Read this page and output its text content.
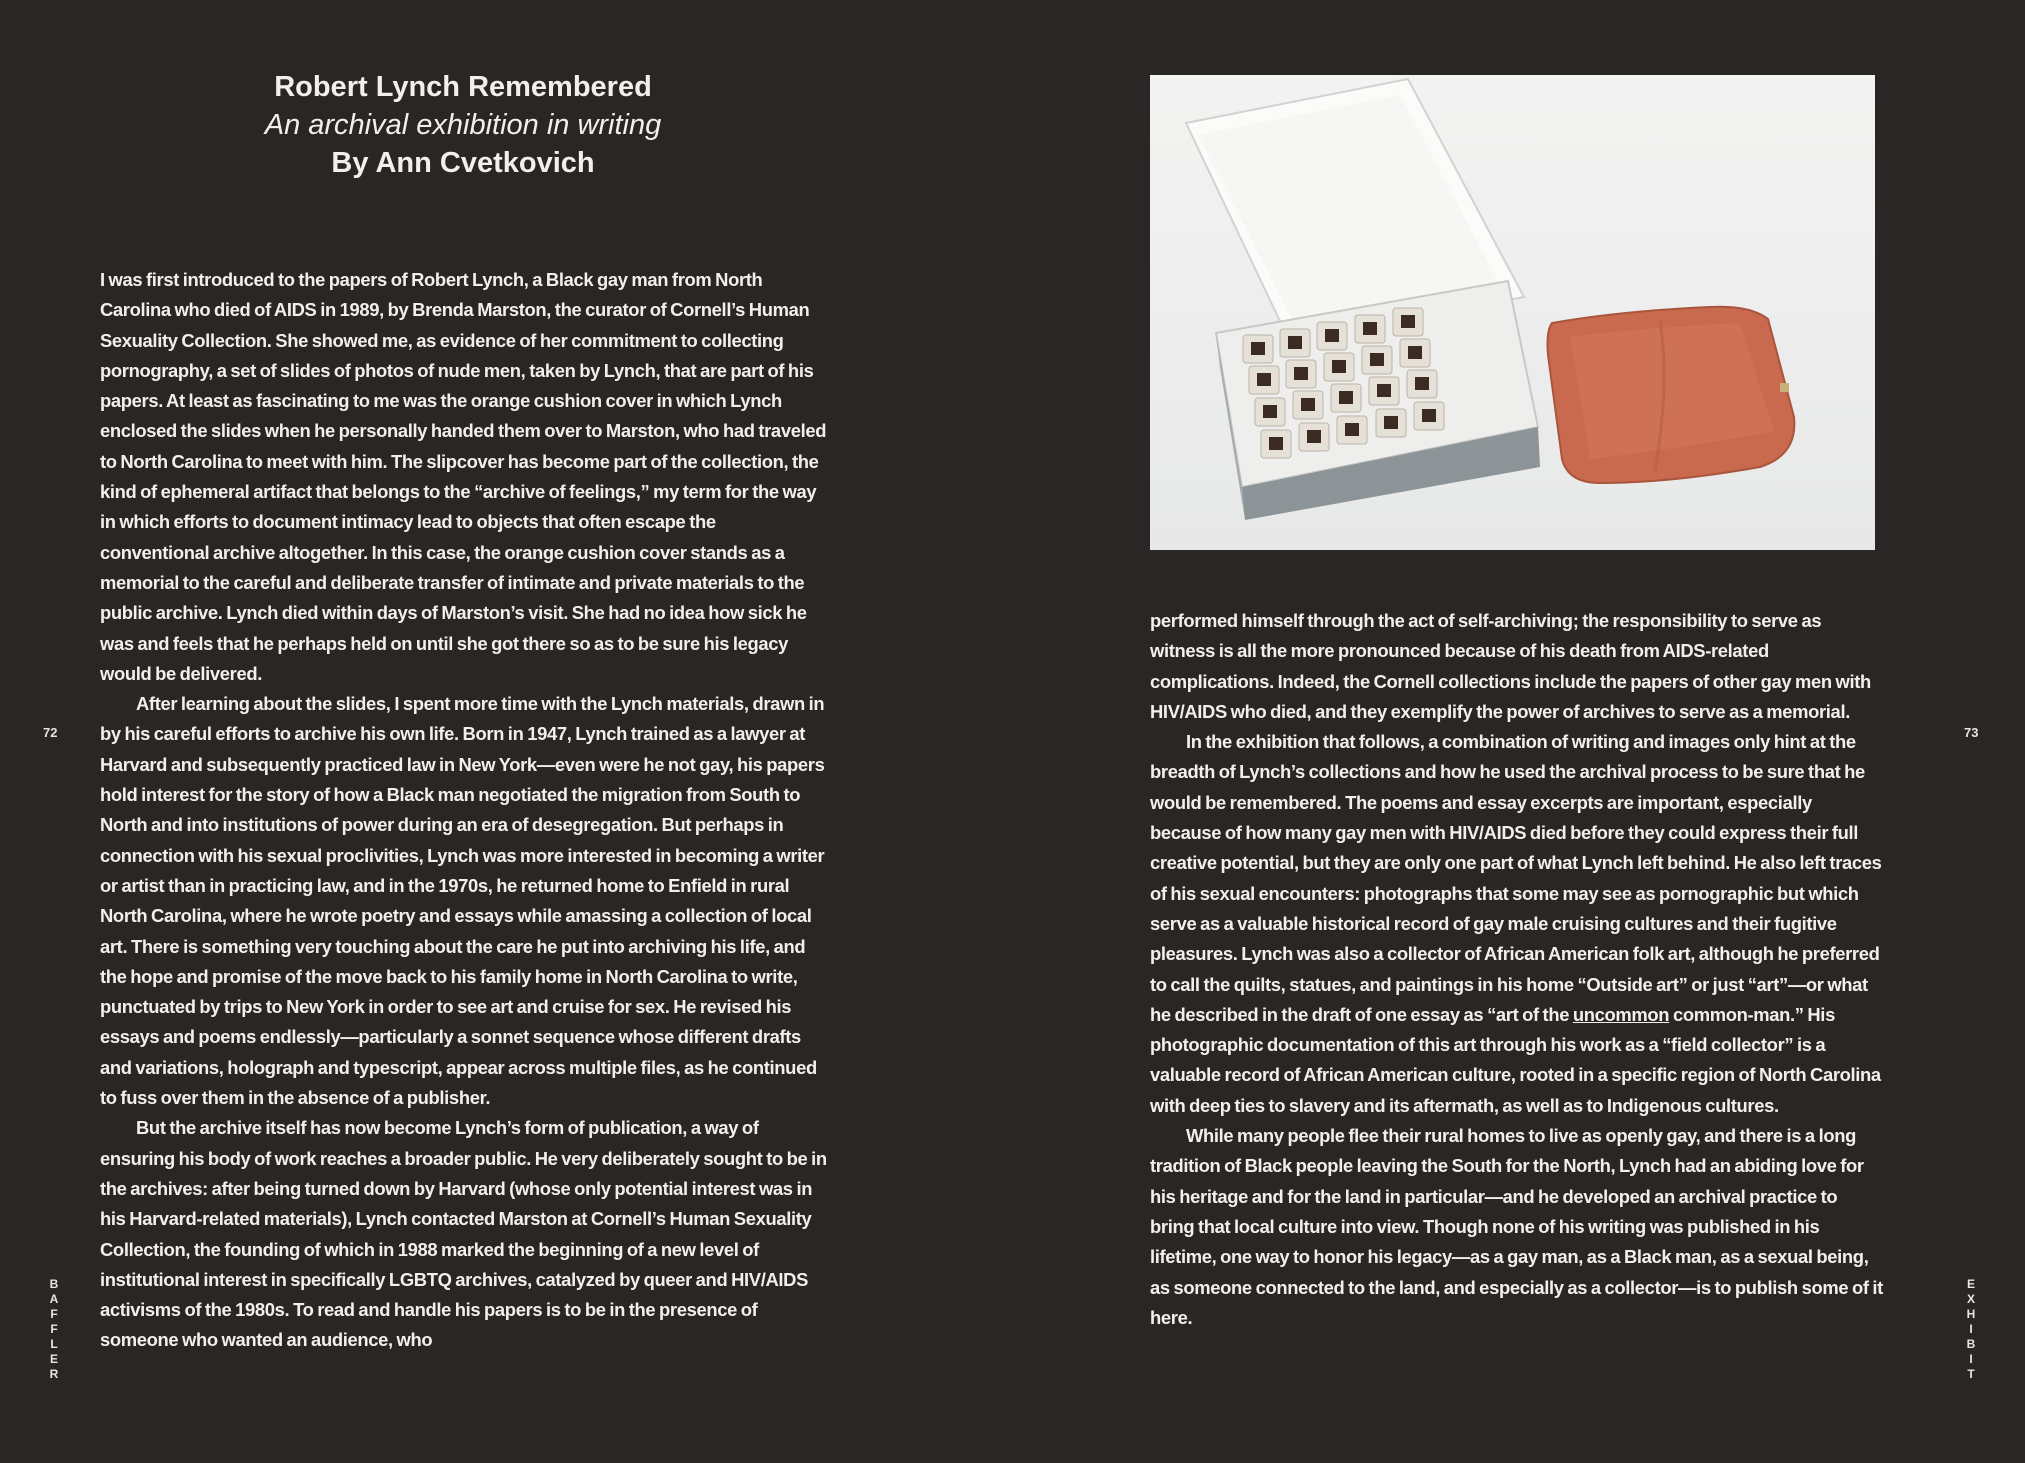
Robert Lynch Remembered
An archival exhibition in writing
By Ann Cvetkovich

I was first introduced to the papers of Robert Lynch, a Black gay man from North Carolina who died of AIDS in 1989, by Brenda Marston, the curator of Cornell’s Human Sexuality Collection. She showed me, as evidence of her commitment to collecting pornography, a set of slides of photos of nude men, taken by Lynch, that are part of his papers. At least as fascinating to me was the orange cushion cover in which Lynch enclosed the slides when he personally handed them over to Marston, who had traveled to North Carolina to meet with him. The slipcover has become part of the collection, the kind of ephemeral artifact that belongs to the “archive of feelings,” my term for the way in which efforts to document intimacy lead to objects that often escape the conventional archive altogether. In this case, the orange cushion cover stands as a memorial to the careful and deliberate transfer of intimate and private materials to the public archive. Lynch died within days of Marston’s visit. She had no idea how sick he was and feels that he perhaps held on until she got there so as to be sure his legacy would be delivered.

After learning about the slides, I spent more time with the Lynch materials, drawn in by his careful efforts to archive his own life. Born in 1947, Lynch trained as a lawyer at Harvard and subsequently practiced law in New York—even were he not gay, his papers hold interest for the story of how a Black man negotiated the migration from South to North and into institutions of power during an era of desegregation. But perhaps in connection with his sexual proclivities, Lynch was more interested in becoming a writer or artist than in practicing law, and in the 1970s, he returned home to Enfield in rural North Carolina, where he wrote poetry and essays while amassing a collection of local art. There is something very touching about the care he put into archiving his life, and the hope and promise of the move back to his family home in North Carolina to write, punctuated by trips to New York in order to see art and cruise for sex. He revised his essays and poems endlessly—particularly a sonnet sequence whose different drafts and variations, holograph and typescript, appear across multiple files, as he continued to fuss over them in the absence of a publisher.

But the archive itself has now become Lynch’s form of publication, a way of ensuring his body of work reaches a broader public. He very deliberately sought to be in the archives: after being turned down by Harvard (whose only potential interest was in his Harvard-related materials), Lynch contacted Marston at Cornell’s Human Sexuality Collection, the founding of which in 1988 marked the beginning of a new level of institutional interest in specifically LGBTQ archives, catalyzed by queer and HIV/AIDS activisms of the 1980s. To read and handle his papers is to be in the presence of someone who wanted an audience, who

72
B
A
F
F
L
E
R

performed himself through the act of self-archiving; the responsibility to serve as witness is all the more pronounced because of his death from AIDS-related complications. Indeed, the Cornell collections include the papers of other gay men with HIV/AIDS who died, and they exemplify the power of archives to serve as a memorial.

In the exhibition that follows, a combination of writing and images only hint at the breadth of Lynch’s collections and how he used the archival process to be sure that he would be remembered. The poems and essay excerpts are important, especially because of how many gay men with HIV/AIDS died before they could express their full creative potential, but they are only one part of what Lynch left behind. He also left traces of his sexual encounters: photographs that some may see as pornographic but which serve as a valuable historical record of gay male cruising cultures and their fugitive pleasures. Lynch was also a collector of African American folk art, although he preferred to call the quilts, statues, and paintings in his home “Outside art” or just “art”—or what he described in the draft of one essay as “art of the uncommon common-man.” His photographic documentation of this art through his work as a “field collector” is a valuable record of African American culture, rooted in a specific region of North Carolina with deep ties to slavery and its aftermath, as well as to Indigenous cultures.

While many people flee their rural homes to live as openly gay, and there is a long tradition of Black people leaving the South for the North, Lynch had an abiding love for his heritage and for the land in particular—and he developed an archival practice to bring that local culture into view. Though none of his writing was published in his lifetime, one way to honor his legacy—as a gay man, as a Black man, as a sexual being, as someone connected to the land, and especially as a collector—is to publish some of it here.

73
E
X
H
I
B
I
T
